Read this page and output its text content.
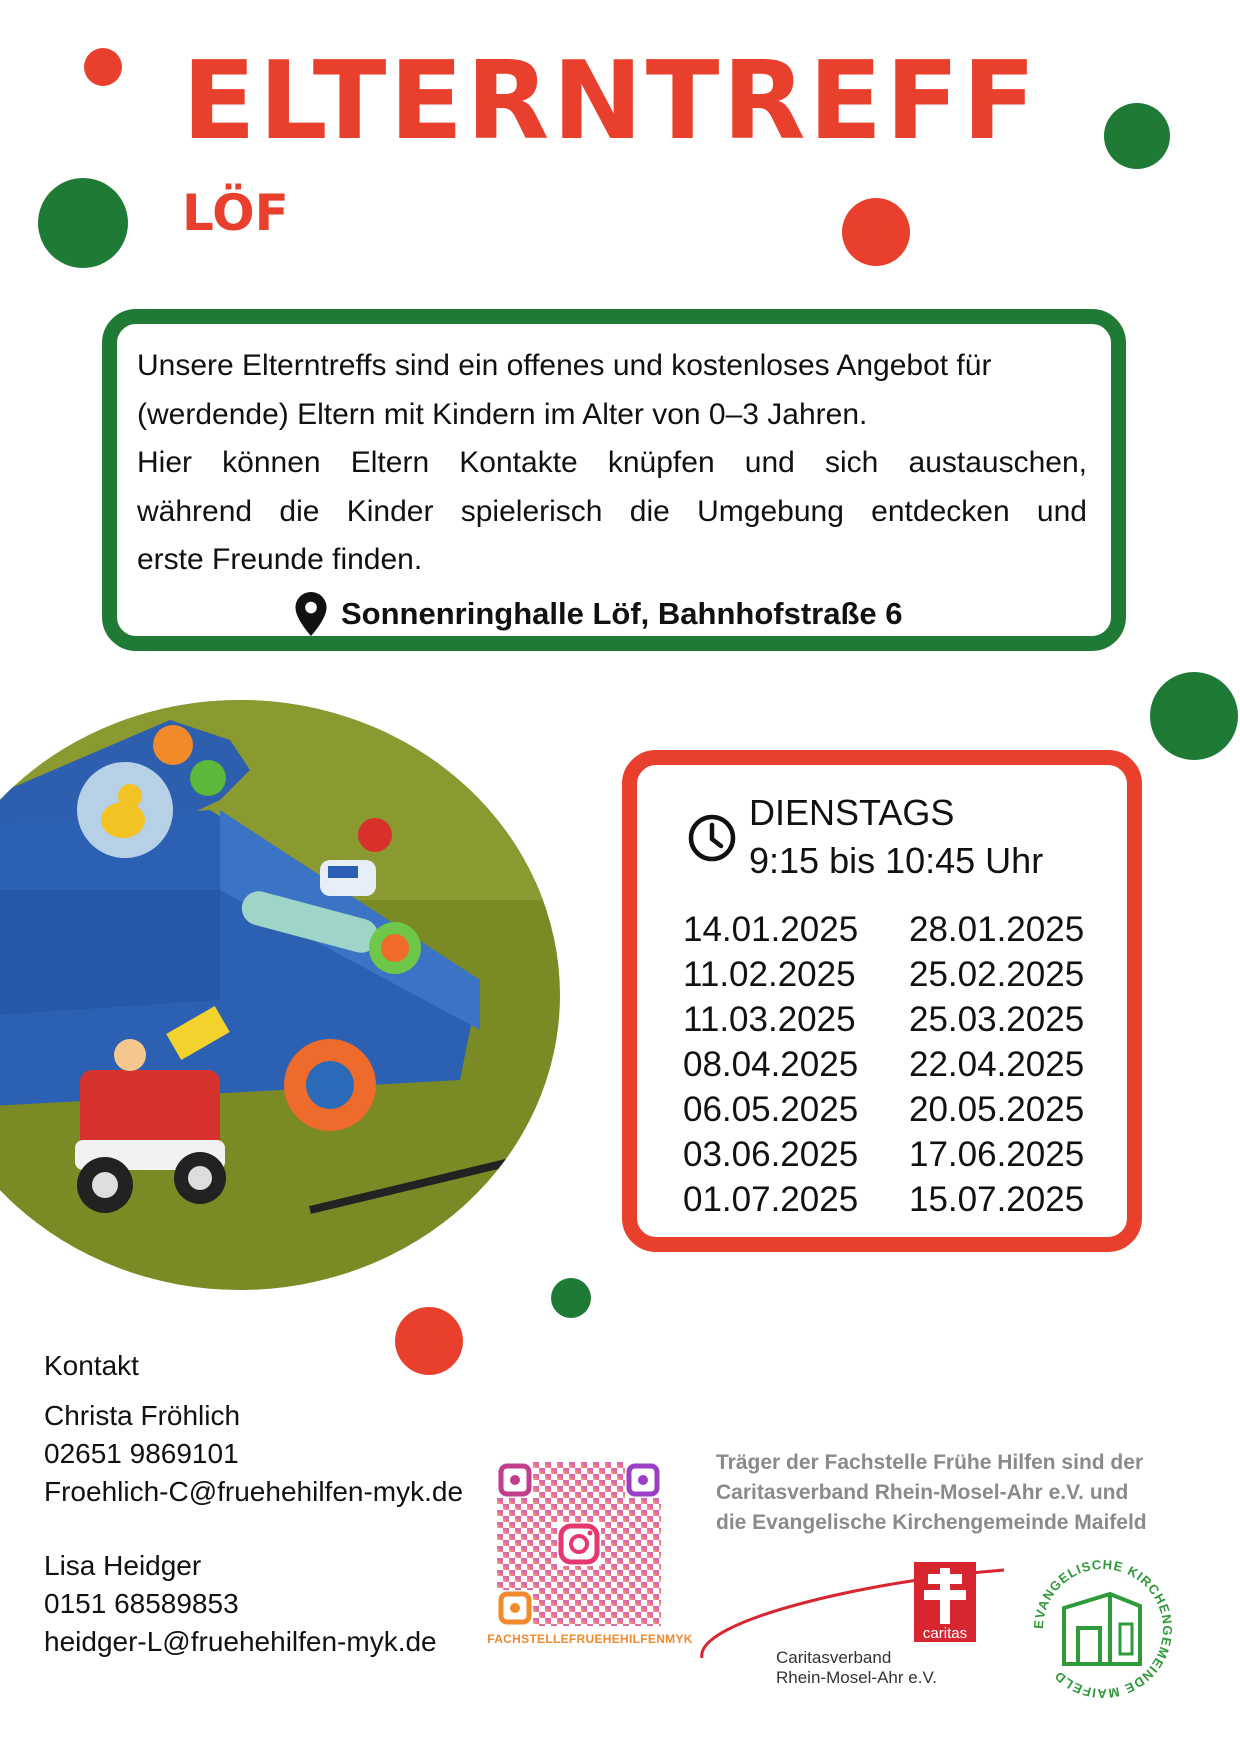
ELTERNTREFF
LÖF

Unsere Elterntreffs sind ein offenes und kostenloses Angebot für
(werdende) Eltern mit Kindern im Alter von 0–3 Jahren.
Hier können Eltern Kontakte knüpfen und sich austauschen,
während die Kinder spielerisch die Umgebung entdecken und
erste Freunde finden.

Sonnenringhalle Löf, Bahnhofstraße 6
DIENSTAGS
9:15 bis 10:45 Uhr
14.01.2025	28.01.2025
11.02.2025	25.02.2025
11.03.2025	25.03.2025
08.04.2025	22.04.2025
06.05.2025	20.05.2025
03.06.2025	17.06.2025
01.07.2025	15.07.2025
Kontakt
Christa Fröhlich
02651 9869101
Froehlich-C@fruehehilfen-myk.de
Lisa Heidger
0151 68589853
heidger-L@fruehehilfen-myk.de	FACHSTELLEFRUEHEHILFENMYK
Träger der Fachstelle Frühe Hilfen sind der
Caritasverband Rhein-Mosel-Ahr e.V. und
die Evangelische Kirchengemeinde Maifeld
caritas
Caritasverband
Rhein-Mosel-Ahr e.V.
EVANGELISCHE KIRCHENGEMEINDE MAIFELD
